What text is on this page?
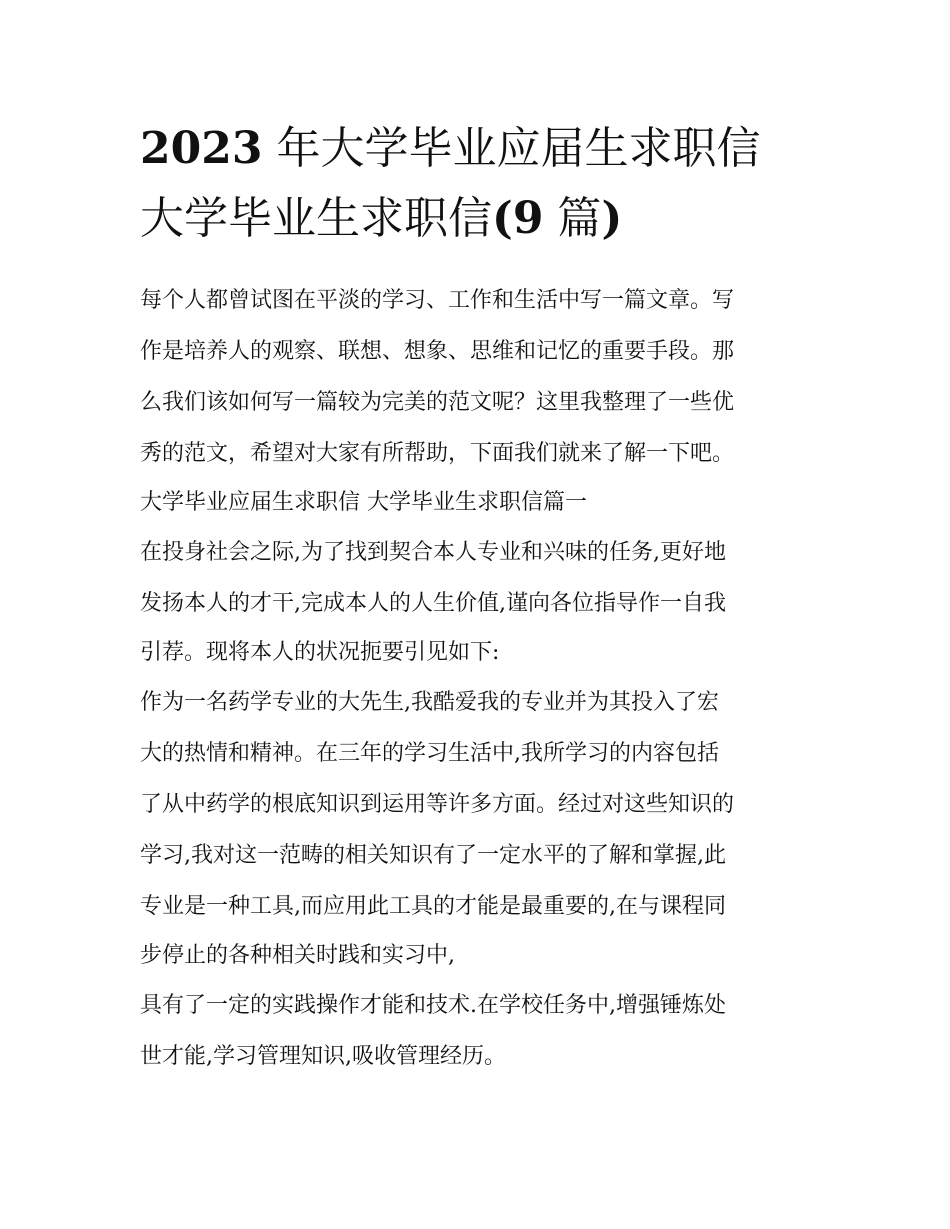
2023 年大学毕业应届生求职信
大学毕业生求职信(9 篇)
每个人都曾试图在平淡的学习、工作和生活中写一篇文章。写
作是培养人的观察、联想、想象、思维和记忆的重要手段。那
么我们该如何写一篇较为完美的范文呢？这里我整理了一些优
秀的范文，希望对大家有所帮助，下面我们就来了解一下吧。
大学毕业应届生求职信 大学毕业生求职信篇一
在投身社会之际,为了找到契合本人专业和兴味的任务,更好地
发扬本人的才干,完成本人的人生价值,谨向各位指导作一自我
引荐。现将本人的状况扼要引见如下:
作为一名药学专业的大先生,我酷爱我的专业并为其投入了宏
大的热情和精神。在三年的学习生活中,我所学习的内容包括
了从中药学的根底知识到运用等许多方面。经过对这些知识的
学习,我对这一范畴的相关知识有了一定水平的了解和掌握,此
专业是一种工具,而应用此工具的才能是最重要的,在与课程同
步停止的各种相关时践和实习中,
具有了一定的实践操作才能和技术.在学校任务中,增强锤炼处
世才能,学习管理知识,吸收管理经历。
